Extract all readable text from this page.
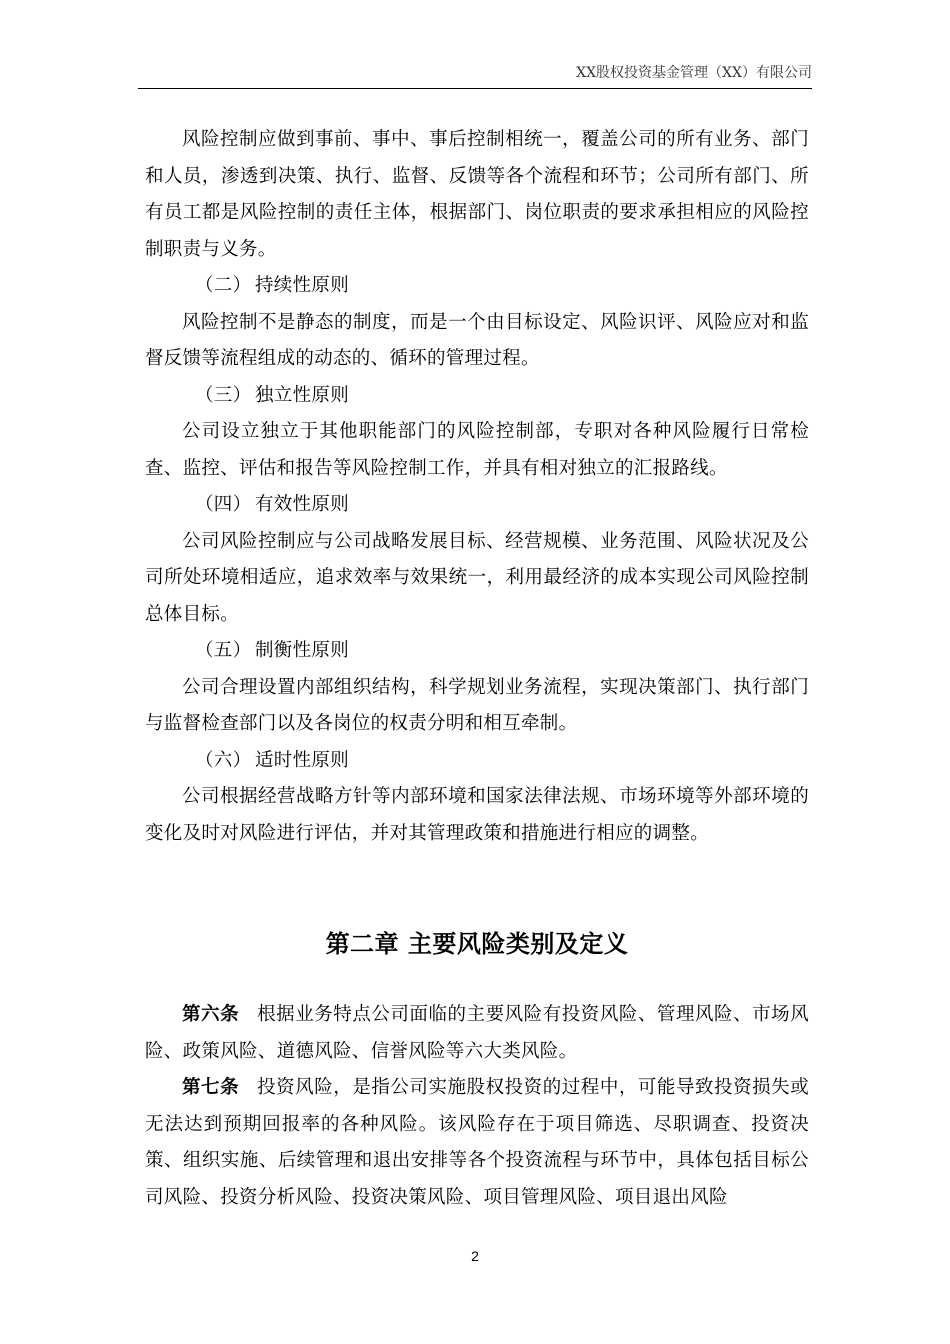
XX股权投资基金管理（XX）有限公司

风险控制应做到事前、事中、事后控制相统一，覆盖公司的所有业务、部门和人员，渗透到决策、执行、监督、反馈等各个流程和环节；公司所有部门、所有员工都是风险控制的责任主体，根据部门、岗位职责的要求承担相应的风险控制职责与义务。

（二） 持续性原则

风险控制不是静态的制度，而是一个由目标设定、风险识评、风险应对和监督反馈等流程组成的动态的、循环的管理过程。

（三） 独立性原则

公司设立独立于其他职能部门的风险控制部，专职对各种风险履行日常检查、监控、评估和报告等风险控制工作，并具有相对独立的汇报路线。

（四） 有效性原则

公司风险控制应与公司战略发展目标、经营规模、业务范围、风险状况及公司所处环境相适应，追求效率与效果统一，利用最经济的成本实现公司风险控制总体目标。

（五） 制衡性原则

公司合理设置内部组织结构，科学规划业务流程，实现决策部门、执行部门与监督检查部门以及各岗位的权责分明和相互牵制。

（六） 适时性原则

公司根据经营战略方针等内部环境和国家法律法规、市场环境等外部环境的变化及时对风险进行评估，并对其管理政策和措施进行相应的调整。

第二章 主要风险类别及定义

第六条 根据业务特点公司面临的主要风险有投资风险、管理风险、市场风险、政策风险、道德风险、信誉风险等六大类风险。

第七条 投资风险，是指公司实施股权投资的过程中，可能导致投资损失或无法达到预期回报率的各种风险。该风险存在于项目筛选、尽职调查、投资决策、组织实施、后续管理和退出安排等各个投资流程与环节中，具体包括目标公司风险、投资分析风险、投资决策风险、项目管理风险、项目退出风险

2
